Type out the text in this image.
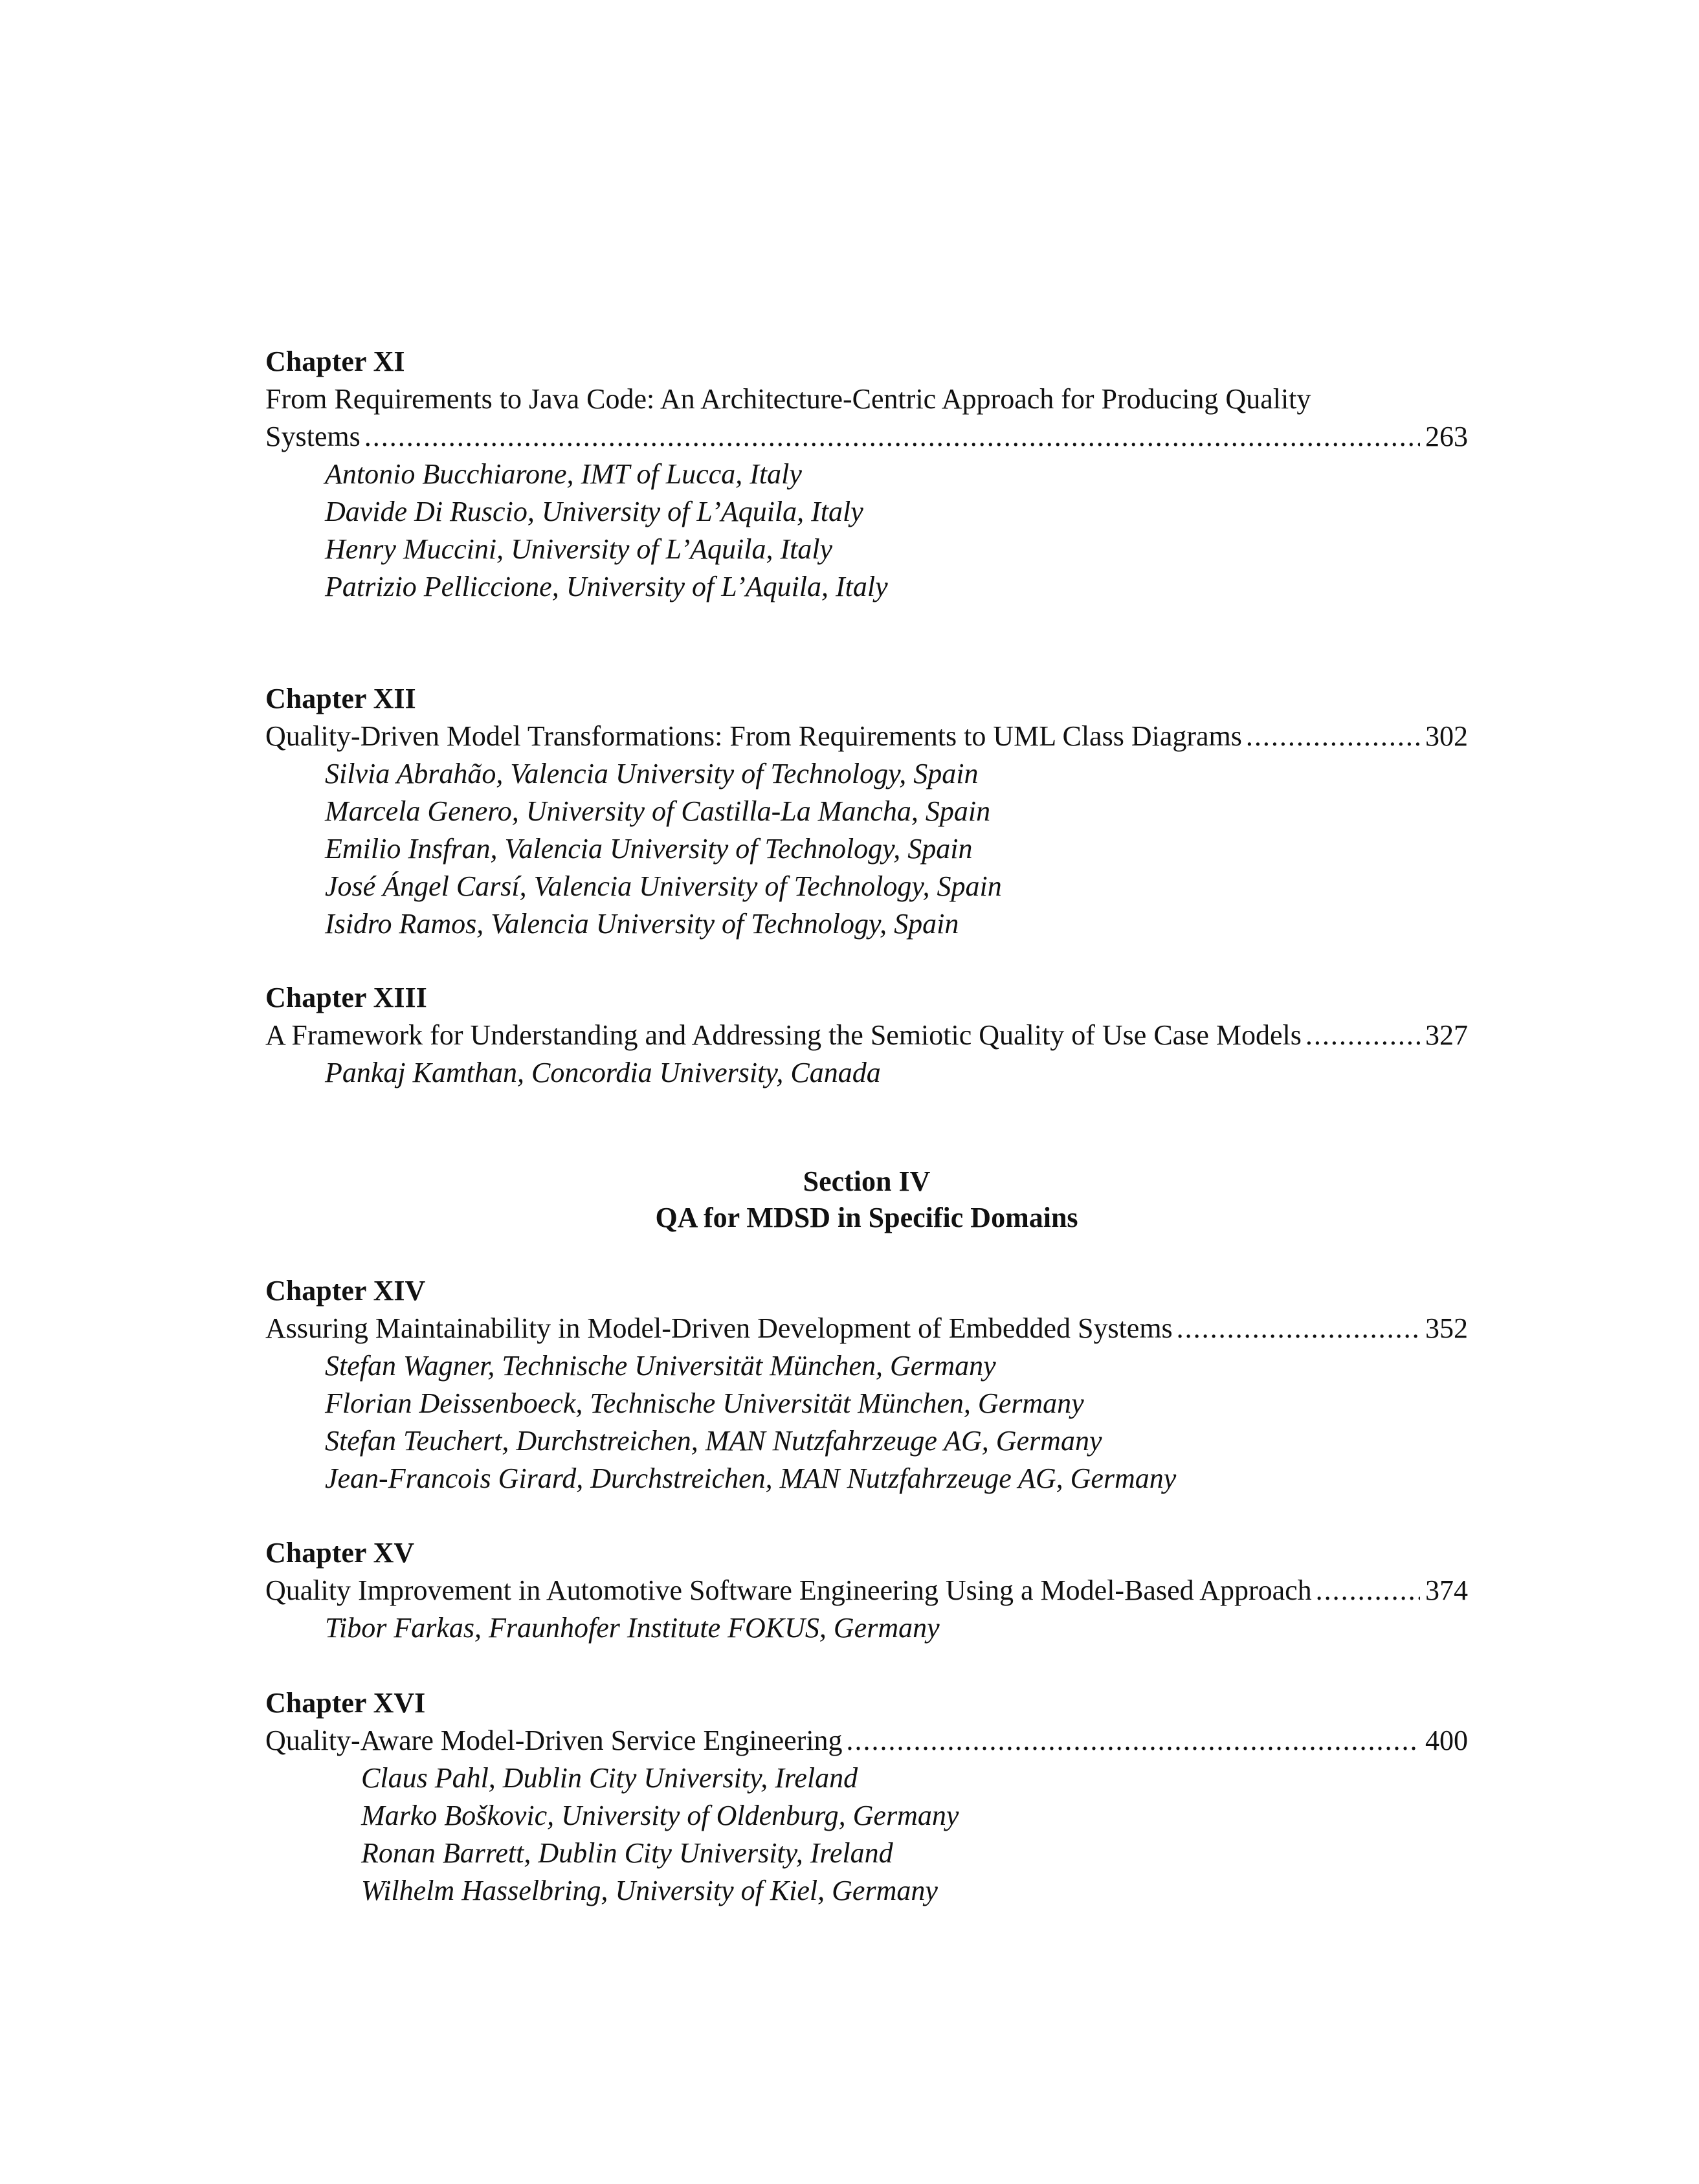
Chapter XI
From Requirements to Java Code: An Architecture-Centric Approach for Producing Quality
Systems .....	263
Antonio Bucchiarone, IMT of Lucca, Italy
Davide Di Ruscio, University of L’Aquila, Italy
Henry Muccini, University of L’Aquila, Italy
Patrizio Pelliccione, University of L’Aquila, Italy
Chapter XII
Quality-Driven Model Transformations: From Requirements to UML Class Diagrams .....	302
Silvia Abrahão, Valencia University of Technology, Spain
Marcela Genero, University of Castilla-La Mancha, Spain
Emilio Insfran, Valencia University of Technology, Spain
José Ángel Carsí, Valencia University of Technology, Spain
Isidro Ramos, Valencia University of Technology, Spain
Chapter XIII
A Framework for Understanding and Addressing the Semiotic Quality of Use Case Models .....	327
Pankaj Kamthan, Concordia University, Canada
Section IV
QA for MDSD in Specific Domains
Chapter XIV
Assuring Maintainability in Model-Driven Development of Embedded Systems .....	352
Stefan Wagner, Technische Universität München, Germany
Florian Deissenboeck, Technische Universität München, Germany
Stefan Teuchert, Durchstreichen, MAN Nutzfahrzeuge AG, Germany
Jean-Francois Girard, Durchstreichen, MAN Nutzfahrzeuge AG, Germany
Chapter XV
Quality Improvement in Automotive Software Engineering Using a Model-Based Approach .....	374
Tibor Farkas, Fraunhofer Institute FOKUS, Germany
Chapter XVI
Quality-Aware Model-Driven Service Engineering .....	400
Claus Pahl, Dublin City University, Ireland
Marko Boškovic, University of Oldenburg, Germany
Ronan Barrett, Dublin City University, Ireland
Wilhelm Hasselbring, University of Kiel, Germany
